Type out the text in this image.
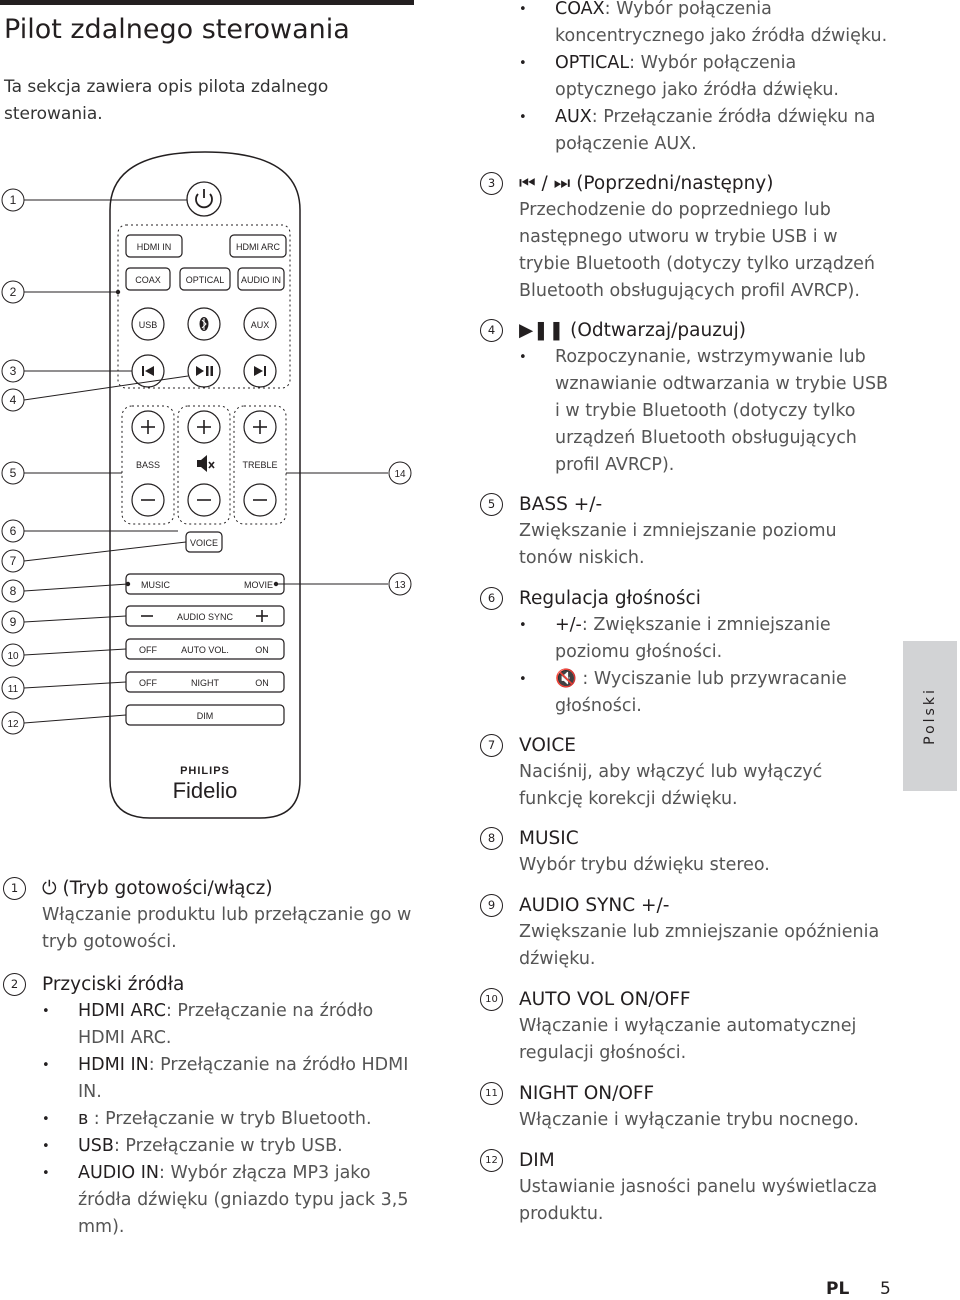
Pilot zdalnego sterowania
Ta sekcja zawiera opis pilota zdalnego sterowania.
HDMI IN	HDMI ARC
COAX	OPTICAL AUDIO IN
USB	AUX
BASS	TREBLE
VOICE
MUSIC	MOVIE
AUDIO SYNC
OFF	AUTO VOL.	ON
OFF	NIGHT	ON
DIM
PHILIPS
Fidelio
1
2
3
4
5
6
7
8
9
10
11
12
13
14
1	⏻ (Tryb gotowości/włącz)
Włączanie produktu lub przełączanie go w tryb gotowości.
2	Przyciski źródła
• HDMI ARC: Przełączanie na źródło HDMI ARC.
• HDMI IN: Przełączanie na źródło HDMI IN.
• ʙ : Przełączanie w tryb Bluetooth.
• USB: Przełączanie w tryb USB.
• AUDIO IN: Wybór złącza MP3 jako źródła dźwięku (gniazdo typu jack 3,5 mm).
• COAX: Wybór połączenia koncentrycznego jako źródła dźwięku.
• OPTICAL: Wybór połączenia optycznego jako źródła dźwięku.
• AUX: Przełączanie źródła dźwięku na połączenie AUX.
3	⏮ / ⏭ (Poprzedni/następny)
Przechodzenie do poprzedniego lub następnego utworu w trybie USB i w trybie Bluetooth (dotyczy tylko urządzeń Bluetooth obsługujących profil AVRCP).
4	▶❚❚ (Odtwarzaj/pauzuj)
• Rozpoczynanie, wstrzymywanie lub wznawianie odtwarzania w trybie USB i w trybie Bluetooth (dotyczy tylko urządzeń Bluetooth obsługujących profil AVRCP).
5	BASS +/-
Zwiększanie i zmniejszanie poziomu tonów niskich.
6	Regulacja głośności
• +/-: Zwiększanie i zmniejszanie poziomu głośności.
• 🔇 : Wyciszanie lub przywracanie głośności.
7	VOICE
Naciśnij, aby włączyć lub wyłączyć funkcję korekcji dźwięku.
8	MUSIC
Wybór trybu dźwięku stereo.
9	AUDIO SYNC +/-
Zwiększanie lub zmniejszanie opóźnienia dźwięku.
10 AUTO VOL ON/OFF
Włączanie i wyłączanie automatycznej regulacji głośności.
11 NIGHT ON/OFF
Włączanie i wyłączanie trybu nocnego.
12 DIM
Ustawianie jasności panelu wyświetlacza produktu.
Polski
PL 5
